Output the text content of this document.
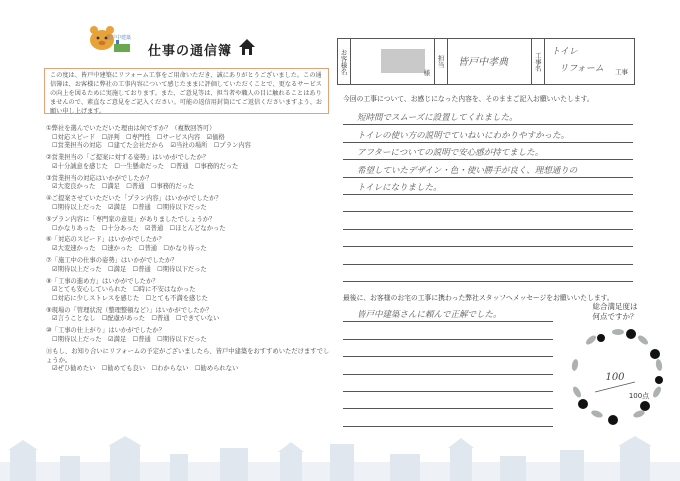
菅戸中建築
仕事の通信簿
この度は、皆戸中建築にリフォーム工事をご用命いただき、誠にありがとうございました。この通信簿は、お客様に弊社の工事内容について感じたままに評価していただくことで、更なるサービスの向上を図るために実施しております。また、ご意見等は、担当者や職人の目に触れることはありませんので、素直なご意見をご記入ください。可能の返信用封筒にてご返信くださいますよう、お願い申し上げます。
お客様名	様
担当	皆戸中孝典	工事名	トイレ
リフォーム 工事
①弊社を選んでいただいた理由は何ですか？（複数回答可）
☐対応スピード　☐評判　☐専門性　☐サービス内容　☑価格
☐営業担当の対応　☐建てた会社だから　☑当社の場所　☐プラン内容
②営業担当の「ご提案に対する姿勢」はいかがでしたか？
☑十分誠意を感じた　☐一生懸命だった　☐普通　☐事務的だった
③営業担当の対応はいかがでしたか？
☑大変良かった　☐満足　☐普通　☐事務的だった
④ご提案させていただいた「プラン内容」はいかがでしたか？
☐期待以上だった　☑満足　☐普通　☐期待以下だった
⑤プラン内容に「専門家の意見」がありましたでしょうか？
☐かなりあった　☐十分あった　☑普通　☐ほとんどなかった
⑥「対応のスピード」はいかがでしたか？
☑大変速かった　☐速かった　☐普通　☐かなり待った
⑦「施工中の仕事の姿勢」はいかがでしたか？
☑期待以上だった　☐満足　☐普通　☐期待以下だった
⑧「工事の進め方」はいかがでしたか？
☑とても安心していられた　☐時に不安はなかった
☐対応に少しストレスを感じた　☐とても不満を感じた
⑨現場の「管理状況（整理整頓など）」はいかがでしたか？
☑言うことなし　☐配慮があった　☐普通　☐できていない
⑩「工事の仕上がり」はいかがでしたか？
☐期待以上だった　☑満足　☐普通　☐期待以下だった
⑪もし、お知り合いにリフォームの予定がございましたら、皆戸中建築をおすすめいただけますでしょうか。
☑ぜひ勧めたい　☐勧めても良い　☐わからない　☐勧められない
今回の工事について、お感じになった内容を、そのままご記入お願いいたします。
短時間でスムーズに設置してくれました。
トイレの使い方の説明でていねいにわかりやすかった。
アフターについての説明で安心感が持てました。
希望していたデザイン・色・使い勝手が良く、理想通りの
トイレになりました。
最後に、お客様のお宅の工事に携わった弊社スタッフへメッセージをお願いいたします。
皆戸中建築さんに頼んで正解でした。
総合満足度は
何点ですか？
100
100点
